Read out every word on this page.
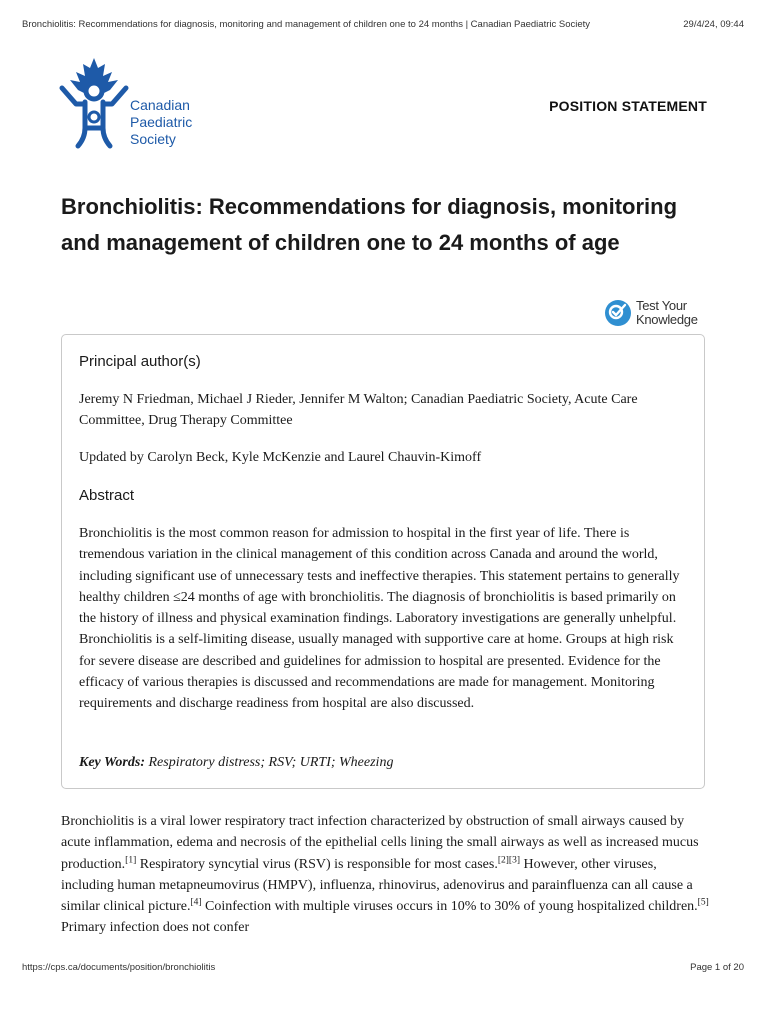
Bronchiolitis: Recommendations for diagnosis, monitoring and management of children one to 24 months | Canadian Paediatric Society	29/4/24, 09:44
Canadian
Paediatric
Society
POSITION STATEMENT
Bronchiolitis: Recommendations for diagnosis, monitoring and management of children one to 24 months of age
Test Your
Knowledge
Principal author(s)

Jeremy N Friedman, Michael J Rieder, Jennifer M Walton; Canadian Paediatric Society, Acute Care Committee, Drug Therapy Committee

Updated by Carolyn Beck, Kyle McKenzie and Laurel Chauvin-Kimoff

Abstract

Bronchiolitis is the most common reason for admission to hospital in the first year of life. There is tremendous variation in the clinical management of this condition across Canada and around the world, including significant use of unnecessary tests and ineffective therapies. This statement pertains to generally healthy children ≤24 months of age with bronchiolitis. The diagnosis of bronchiolitis is based primarily on the history of illness and physical examination findings. Laboratory investigations are generally unhelpful. Bronchiolitis is a self-limiting disease, usually managed with supportive care at home. Groups at high risk for severe disease are described and guidelines for admission to hospital are presented. Evidence for the efficacy of various therapies is discussed and recommendations are made for management. Monitoring requirements and discharge readiness from hospital are also discussed.

Key Words: Respiratory distress; RSV; URTI; Wheezing

Bronchiolitis is a viral lower respiratory tract infection characterized by obstruction of small airways caused by acute inflammation, edema and necrosis of the epithelial cells lining the small airways as well as increased mucus production.[1] Respiratory syncytial virus (RSV) is responsible for most cases.[2][3] However, other viruses, including human metapneumovirus (HMPV), influenza, rhinovirus, adenovirus and parainfluenza can all cause a similar clinical picture.[4] Coinfection with multiple viruses occurs in 10% to 30% of young hospitalized children.[5] Primary infection does not confer

https://cps.ca/documents/position/bronchiolitis	Page 1 of 20
